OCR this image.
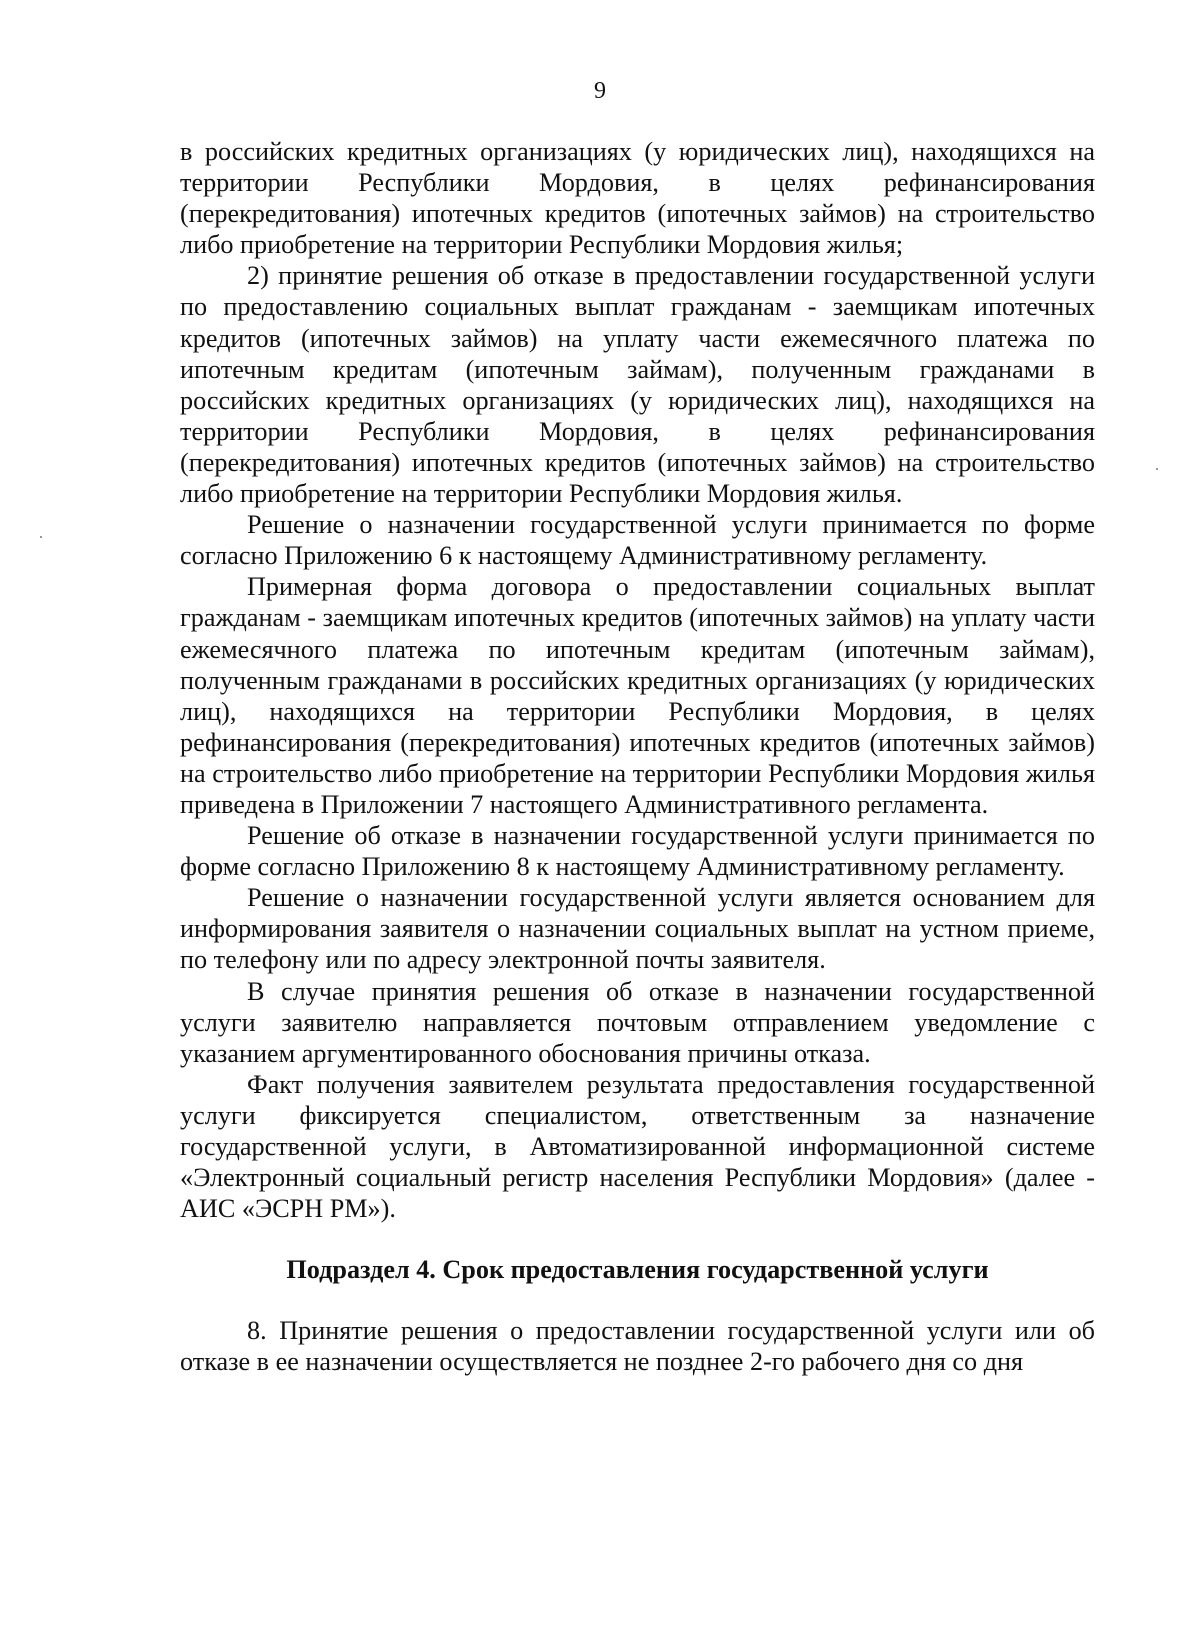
9

в российских кредитных организациях (у юридических лиц), находящихся на территории Республики Мордовия, в целях рефинансирования (перекредитования) ипотечных кредитов (ипотечных займов) на строительство либо приобретение на территории Республики Мордовия жилья;

2) принятие решения об отказе в предоставлении государственной услуги по предоставлению социальных выплат гражданам - заемщикам ипотечных кредитов (ипотечных займов) на уплату части ежемесячного платежа по ипотечным кредитам (ипотечным займам), полученным гражданами в российских кредитных организациях (у юридических лиц), находящихся на территории Республики Мордовия, в целях рефинансирования (перекредитования) ипотечных кредитов (ипотечных займов) на строительство либо приобретение на территории Республики Мордовия жилья.

Решение о назначении государственной услуги принимается по форме согласно Приложению 6 к настоящему Административному регламенту.

Примерная форма договора о предоставлении социальных выплат гражданам - заемщикам ипотечных кредитов (ипотечных займов) на уплату части ежемесячного платежа по ипотечным кредитам (ипотечным займам), полученным гражданами в российских кредитных организациях (у юридических лиц), находящихся на территории Республики Мордовия, в целях рефинансирования (перекредитования) ипотечных кредитов (ипотечных займов) на строительство либо приобретение на территории Республики Мордовия жилья приведена в Приложении 7 настоящего Административного регламента.

Решение об отказе в назначении государственной услуги принимается по форме согласно Приложению 8 к настоящему Административному регламенту.

Решение о назначении государственной услуги является основанием для информирования заявителя о назначении социальных выплат на устном приеме, по телефону или по адресу электронной почты заявителя.

В случае принятия решения об отказе в назначении государственной услуги заявителю направляется почтовым отправлением уведомление с указанием аргументированного обоснования причины отказа.

Факт получения заявителем результата предоставления государственной услуги фиксируется специалистом, ответственным за назначение государственной услуги, в Автоматизированной информационной системе «Электронный социальный регистр населения Республики Мордовия» (далее - АИС «ЭСРН РМ»).

Подраздел 4. Срок предоставления государственной услуги

8. Принятие решения о предоставлении государственной услуги или об отказе в ее назначении осуществляется не позднее 2-го рабочего дня со дня
